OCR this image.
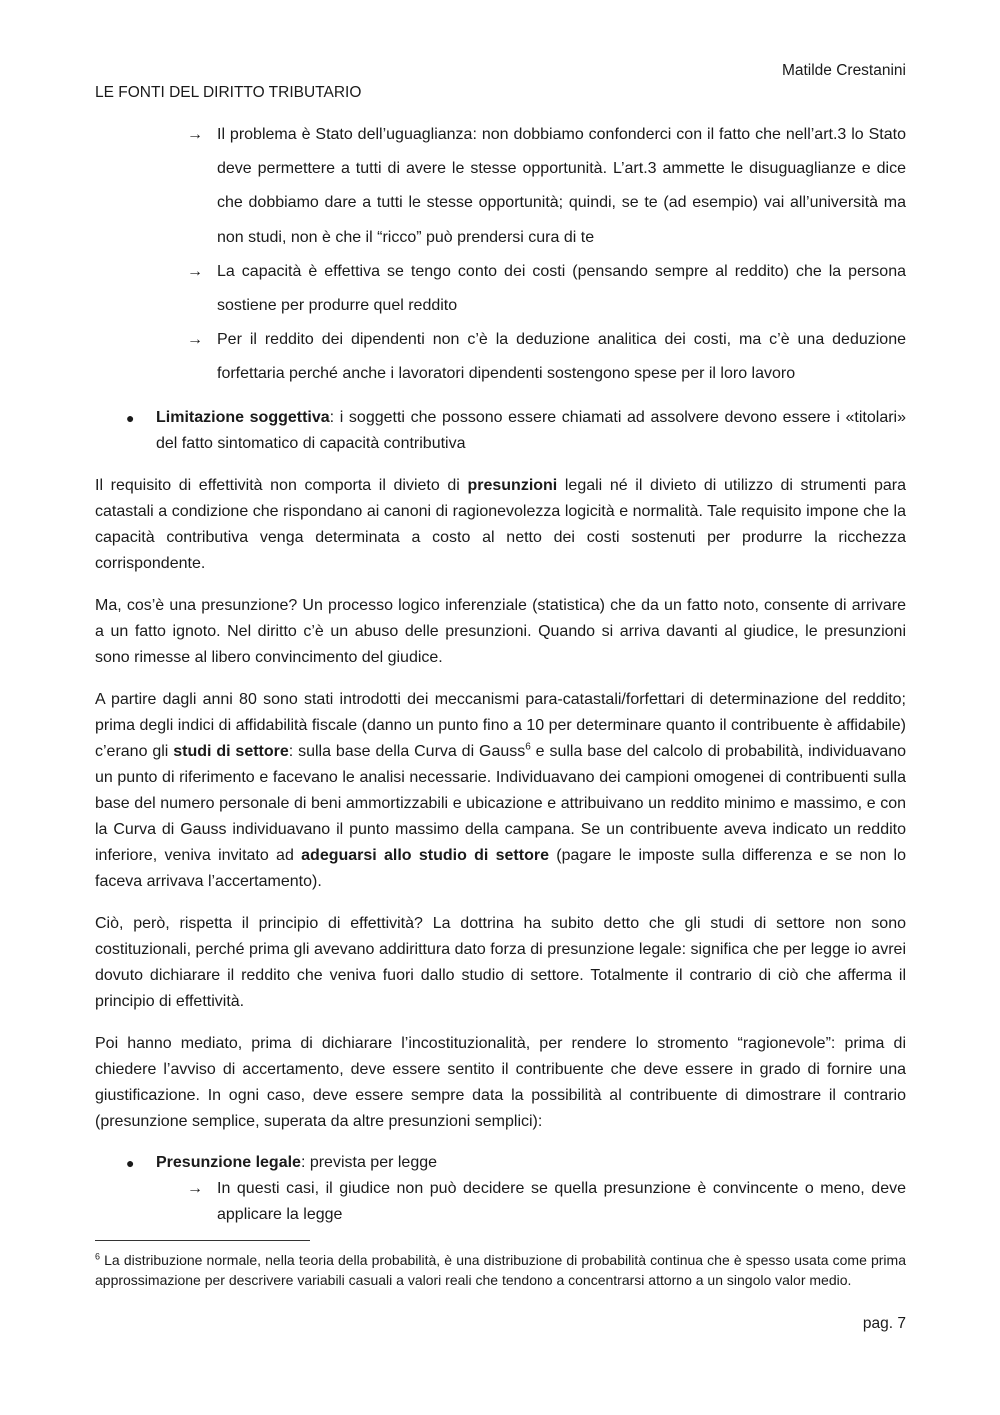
Matilde Crestanini
LE FONTI DEL DIRITTO TRIBUTARIO

→ Il problema è Stato dell’uguaglianza: non dobbiamo confonderci con il fatto che nell’art.3 lo Stato deve permettere a tutti di avere le stesse opportunità. L’art.3 ammette le disuguaglianze e dice che dobbiamo dare a tutti le stesse opportunità; quindi, se te (ad esempio) vai all’università ma non studi, non è che il “ricco” può prendersi cura di te

→ La capacità è effettiva se tengo conto dei costi (pensando sempre al reddito) che la persona sostiene per produrre quel reddito

→ Per il reddito dei dipendenti non c’è la deduzione analitica dei costi, ma c’è una deduzione forfettaria perché anche i lavoratori dipendenti sostengono spese per il loro lavoro

● Limitazione soggettiva: i soggetti che possono essere chiamati ad assolvere devono essere i «titolari» del fatto sintomatico di capacità contributiva

Il requisito di effettività non comporta il divieto di presunzioni legali né il divieto di utilizzo di strumenti para catastali a condizione che rispondano ai canoni di ragionevolezza logicità e normalità. Tale requisito impone che la capacità contributiva venga determinata a costo al netto dei costi sostenuti per produrre la ricchezza corrispondente.

Ma, cos’è una presunzione? Un processo logico inferenziale (statistica) che da un fatto noto, consente di arrivare a un fatto ignoto. Nel diritto c’è un abuso delle presunzioni. Quando si arriva davanti al giudice, le presunzioni sono rimesse al libero convincimento del giudice.

A partire dagli anni 80 sono stati introdotti dei meccanismi para-catastali/forfettari di determinazione del reddito; prima degli indici di affidabilità fiscale (danno un punto fino a 10 per determinare quanto il contribuente è affidabile) c’erano gli studi di settore: sulla base della Curva di Gauss$^6$ e sulla base del calcolo di probabilità, individuavano un punto di riferimento e facevano le analisi necessarie. Individuavano dei campioni omogenei di contribuenti sulla base del numero personale di beni ammortizzabili e ubicazione e attribuivano un reddito minimo e massimo, e con la Curva di Gauss individuavano il punto massimo della campana. Se un contribuente aveva indicato un reddito inferiore, veniva invitato ad adeguarsi allo studio di settore (pagare le imposte sulla differenza e se non lo faceva arrivava l’accertamento).

Ciò, però, rispetta il principio di effettività? La dottrina ha subito detto che gli studi di settore non sono costituzionali, perché prima gli avevano addirittura dato forza di presunzione legale: significa che per legge io avrei dovuto dichiarare il reddito che veniva fuori dallo studio di settore. Totalmente il contrario di ciò che afferma il principio di effettività.

Poi hanno mediato, prima di dichiarare l’incostituzionalità, per rendere lo stromento “ragionevole”: prima di chiedere l’avviso di accertamento, deve essere sentito il contribuente che deve essere in grado di fornire una giustificazione. In ogni caso, deve essere sempre data la possibilità al contribuente di dimostrare il contrario (presunzione semplice, superata da altre presunzioni semplici):

● Presunzione legale: prevista per legge

→ In questi casi, il giudice non può decidere se quella presunzione è convincente o meno, deve applicare la legge

$^6$ La distribuzione normale, nella teoria della probabilità, è una distribuzione di probabilità continua che è spesso usata come prima approssimazione per descrivere variabili casuali a valori reali che tendono a concentrarsi attorno a un singolo valor medio.
pag. 7
